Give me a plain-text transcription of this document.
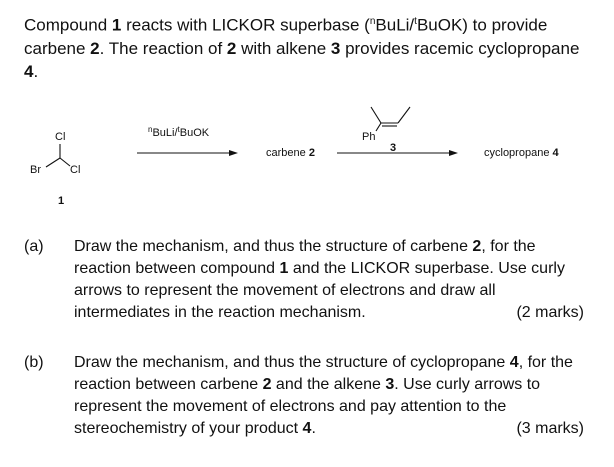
Compound 1 reacts with LICKOR superbase ($^n$BuLi/$^t$BuOK) to provide carbene 2. The reaction of 2 with alkene 3 provides racemic cyclopropane 4.
Cl
Br	Cl
1
$^n$BuLi/$^t$BuOK
carbene 2
Ph
3	cyclopropane 4
(a) Draw the mechanism, and thus the structure of carbene 2, for the reaction between compound 1 and the LICKOR superbase. Use curly arrows to represent the movement of electrons and draw all intermediates in the reaction mechanism.	(2 marks)
(b) Draw the mechanism, and thus the structure of cyclopropane 4, for the reaction between carbene 2 and the alkene 3. Use curly arrows to represent the movement of electrons and pay attention to the stereochemistry of your product 4.	(3 marks)
